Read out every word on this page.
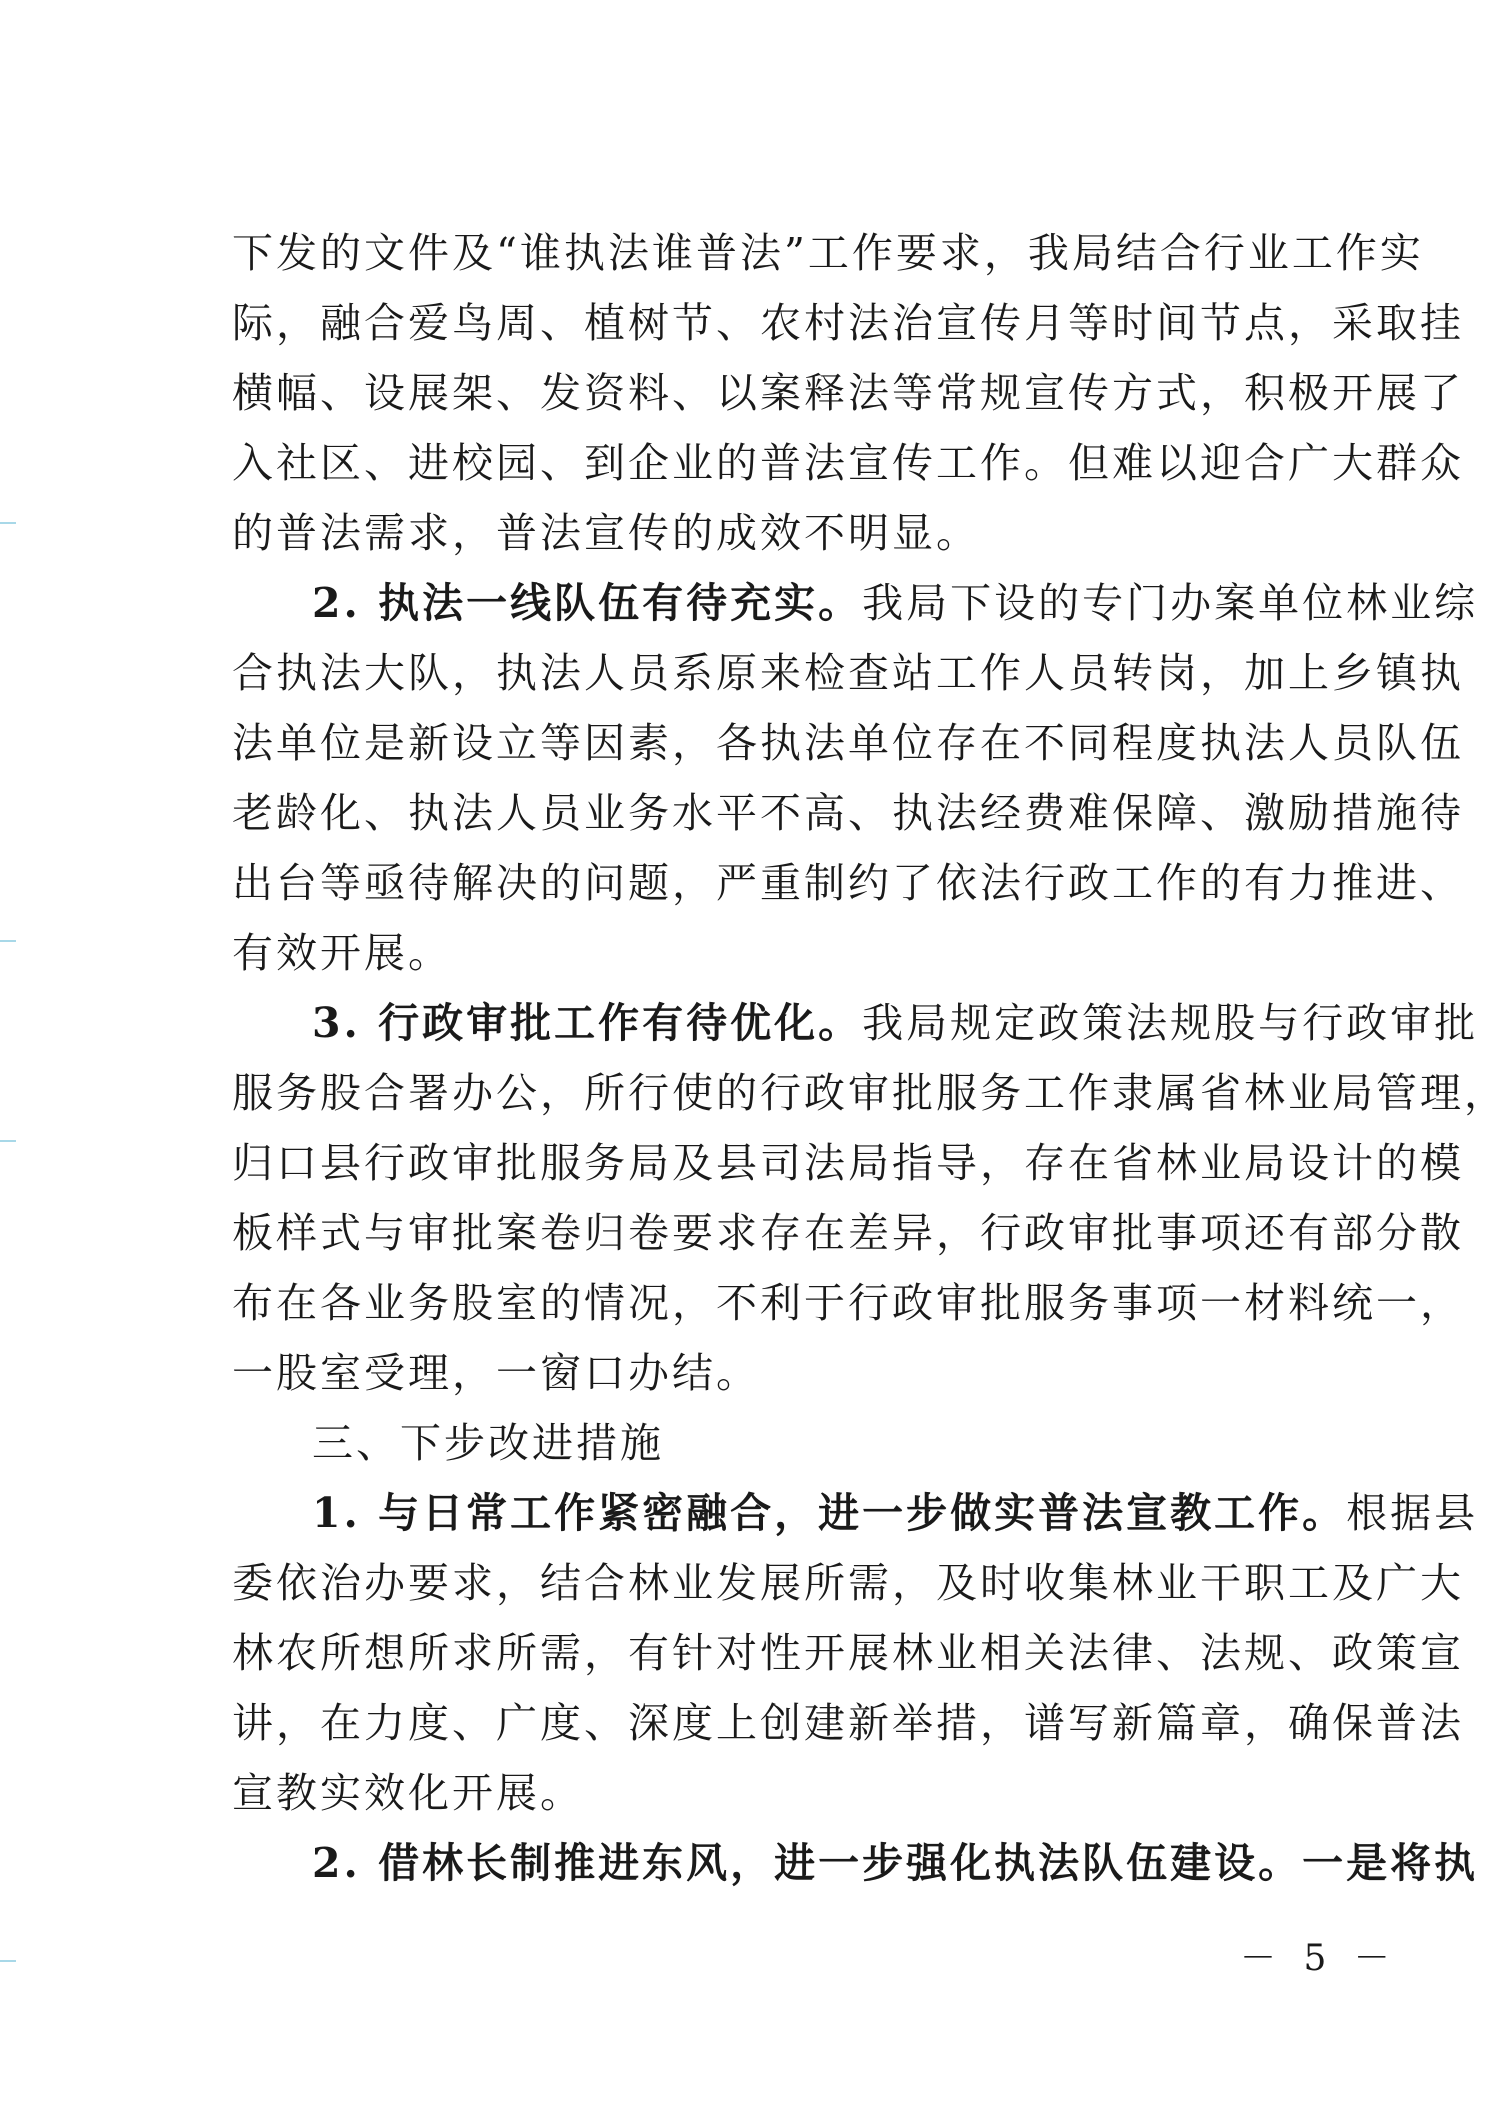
下发的文件及“谁执法谁普法”工作要求，我局结合行业工作实
际，融合爱鸟周、植树节、农村法治宣传月等时间节点，采取挂
横幅、设展架、发资料、以案释法等常规宣传方式，积极开展了
入社区、进校园、到企业的普法宣传工作。但难以迎合广大群众
的普法需求，普法宣传的成效不明显。
2. 执法一线队伍有待充实。我局下设的专门办案单位林业综
合执法大队，执法人员系原来检查站工作人员转岗，加上乡镇执
法单位是新设立等因素，各执法单位存在不同程度执法人员队伍
老龄化、执法人员业务水平不高、执法经费难保障、激励措施待
出台等亟待解决的问题，严重制约了依法行政工作的有力推进、
有效开展。
3. 行政审批工作有待优化。我局规定政策法规股与行政审批
服务股合署办公，所行使的行政审批服务工作隶属省林业局管理，
归口县行政审批服务局及县司法局指导，存在省林业局设计的模
板样式与审批案卷归卷要求存在差异，行政审批事项还有部分散
布在各业务股室的情况，不利于行政审批服务事项一材料统一，
一股室受理，一窗口办结。
三、下步改进措施
1. 与日常工作紧密融合，进一步做实普法宣教工作。根据县
委依治办要求，结合林业发展所需，及时收集林业干职工及广大
林农所想所求所需，有针对性开展林业相关法律、法规、政策宣
讲，在力度、广度、深度上创建新举措，谱写新篇章，确保普法
宣教实效化开展。
2. 借林长制推进东风，进一步强化执法队伍建设。一是将执
－ 5 －
